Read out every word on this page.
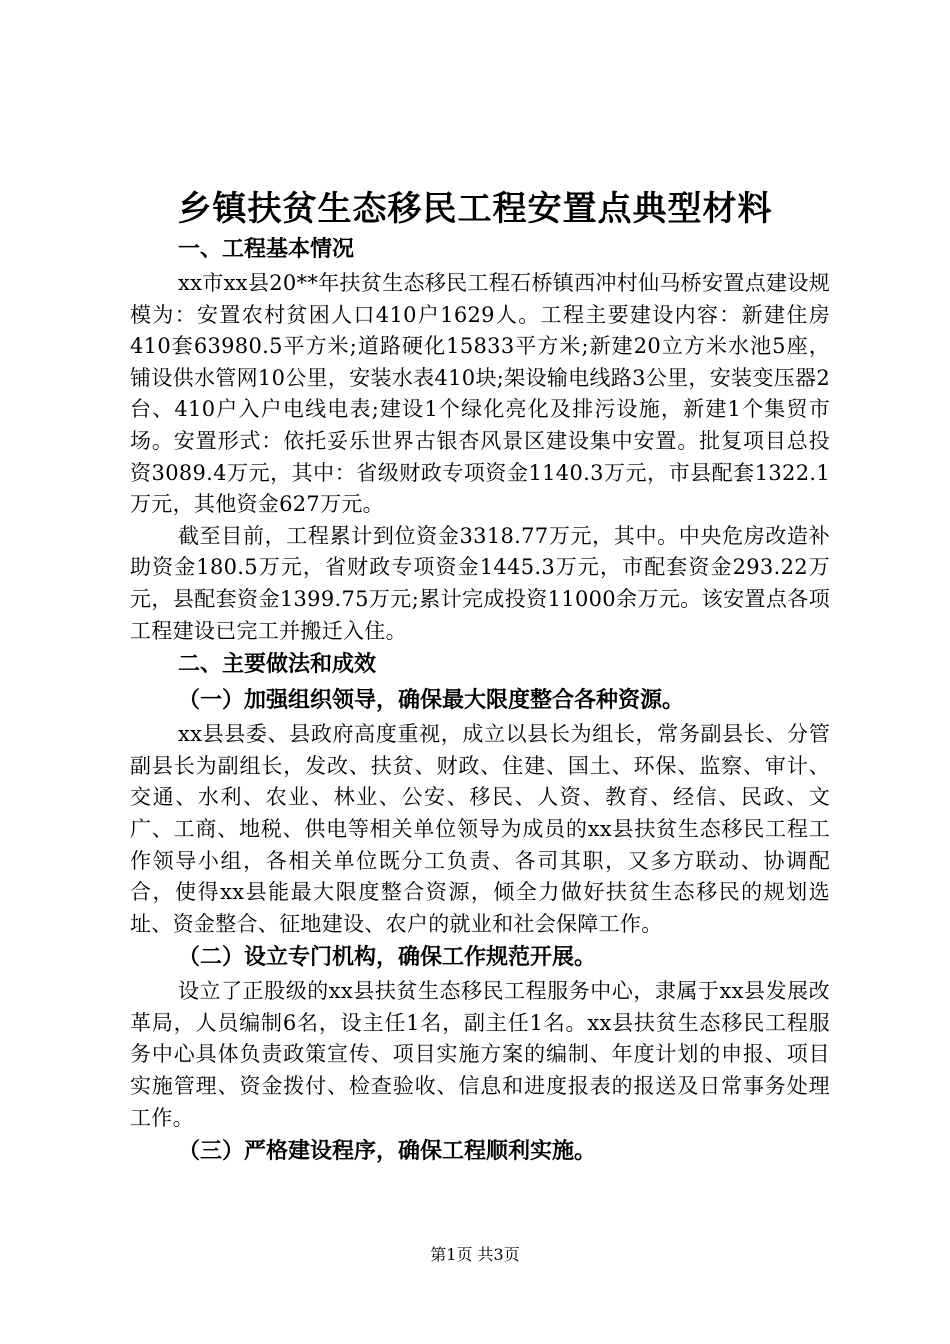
乡镇扶贫生态移民工程安置点典型材料
一、工程基本情况

xx市xx县20**年扶贫生态移民工程石桥镇西冲村仙马桥安置点建设规模为：安置农村贫困人口410户1629人。工程主要建设内容：新建住房410套63980.5平方米;道路硬化15833平方米;新建20立方米水池5座，铺设供水管网10公里，安装水表410块;架设输电线路3公里，安装变压器2台、410户入户电线电表;建设1个绿化亮化及排污设施，新建1个集贸市场。安置形式：依托妥乐世界古银杏风景区建设集中安置。批复项目总投资3089.4万元，其中：省级财政专项资金1140.3万元，市县配套1322.1万元，其他资金627万元。

截至目前，工程累计到位资金3318.77万元，其中。中央危房改造补助资金180.5万元，省财政专项资金1445.3万元，市配套资金293.22万元，县配套资金1399.75万元;累计完成投资11000余万元。该安置点各项工程建设已完工并搬迁入住。

二、主要做法和成效
（一）加强组织领导，确保最大限度整合各种资源。

xx县县委、县政府高度重视，成立以县长为组长，常务副县长、分管副县长为副组长，发改、扶贫、财政、住建、国土、环保、监察、审计、交通、水利、农业、林业、公安、移民、人资、教育、经信、民政、文广、工商、地税、供电等相关单位领导为成员的xx县扶贫生态移民工程工作领导小组，各相关单位既分工负责、各司其职，又多方联动、协调配合，使得xx县能最大限度整合资源，倾全力做好扶贫生态移民的规划选址、资金整合、征地建设、农户的就业和社会保障工作。

（二）设立专门机构，确保工作规范开展。

设立了正股级的xx县扶贫生态移民工程服务中心，隶属于xx县发展改革局，人员编制6名，设主任1名，副主任1名。xx县扶贫生态移民工程服务中心具体负责政策宣传、项目实施方案的编制、年度计划的申报、项目实施管理、资金拨付、检查验收、信息和进度报表的报送及日常事务处理工作。

（三）严格建设程序，确保工程顺利实施。
第1页 共3页
